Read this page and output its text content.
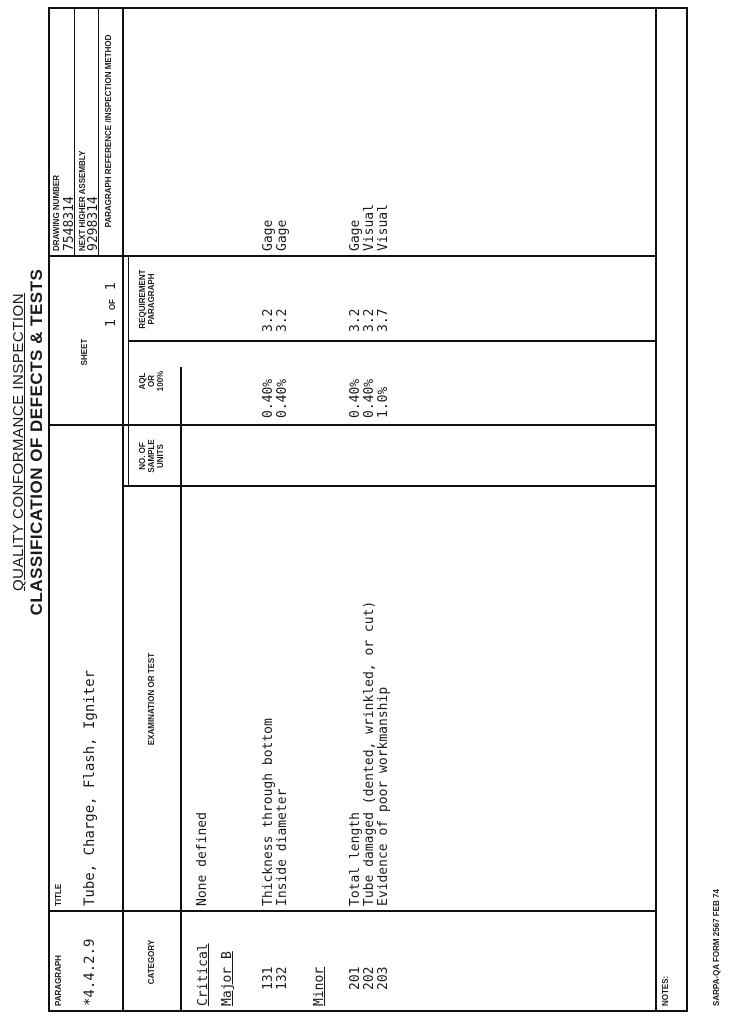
QUALITY CONFORMANCE INSPECTION CLASSIFICATION OF DEFECTS & TESTS
PARAGRAPH *4.4.2.9
TITLE Tube, Charge, Flash, Igniter
SHEET
1 OF 1
DRAWING NUMBER 7548314 NEXT HIGHER ASSEMBLY 9298314
CATEGORY
EXAMINATION OR TEST
NO. OF SAMPLE UNITS
AQL OR 100%
REQUIREMENT PARAGRAPH
PARAGRAPH REFERENCE /INSPECTION METHOD
Critical
None defined
Major B 131
Thickness through bottom
0.40%
3.2
Gage
132
Inside diameter
0.40%
3.2
Gage
Minor 201
Total length
0.40%
3.2
Gage
202
Tube damaged (dented, wrinkled, or cut)
0.40%
3.2
Visual
203
Evidence of poor workmanship
1.0%
3.7
Visual
NOTES:	SARPA-QA FORM 2567 FEB 74
